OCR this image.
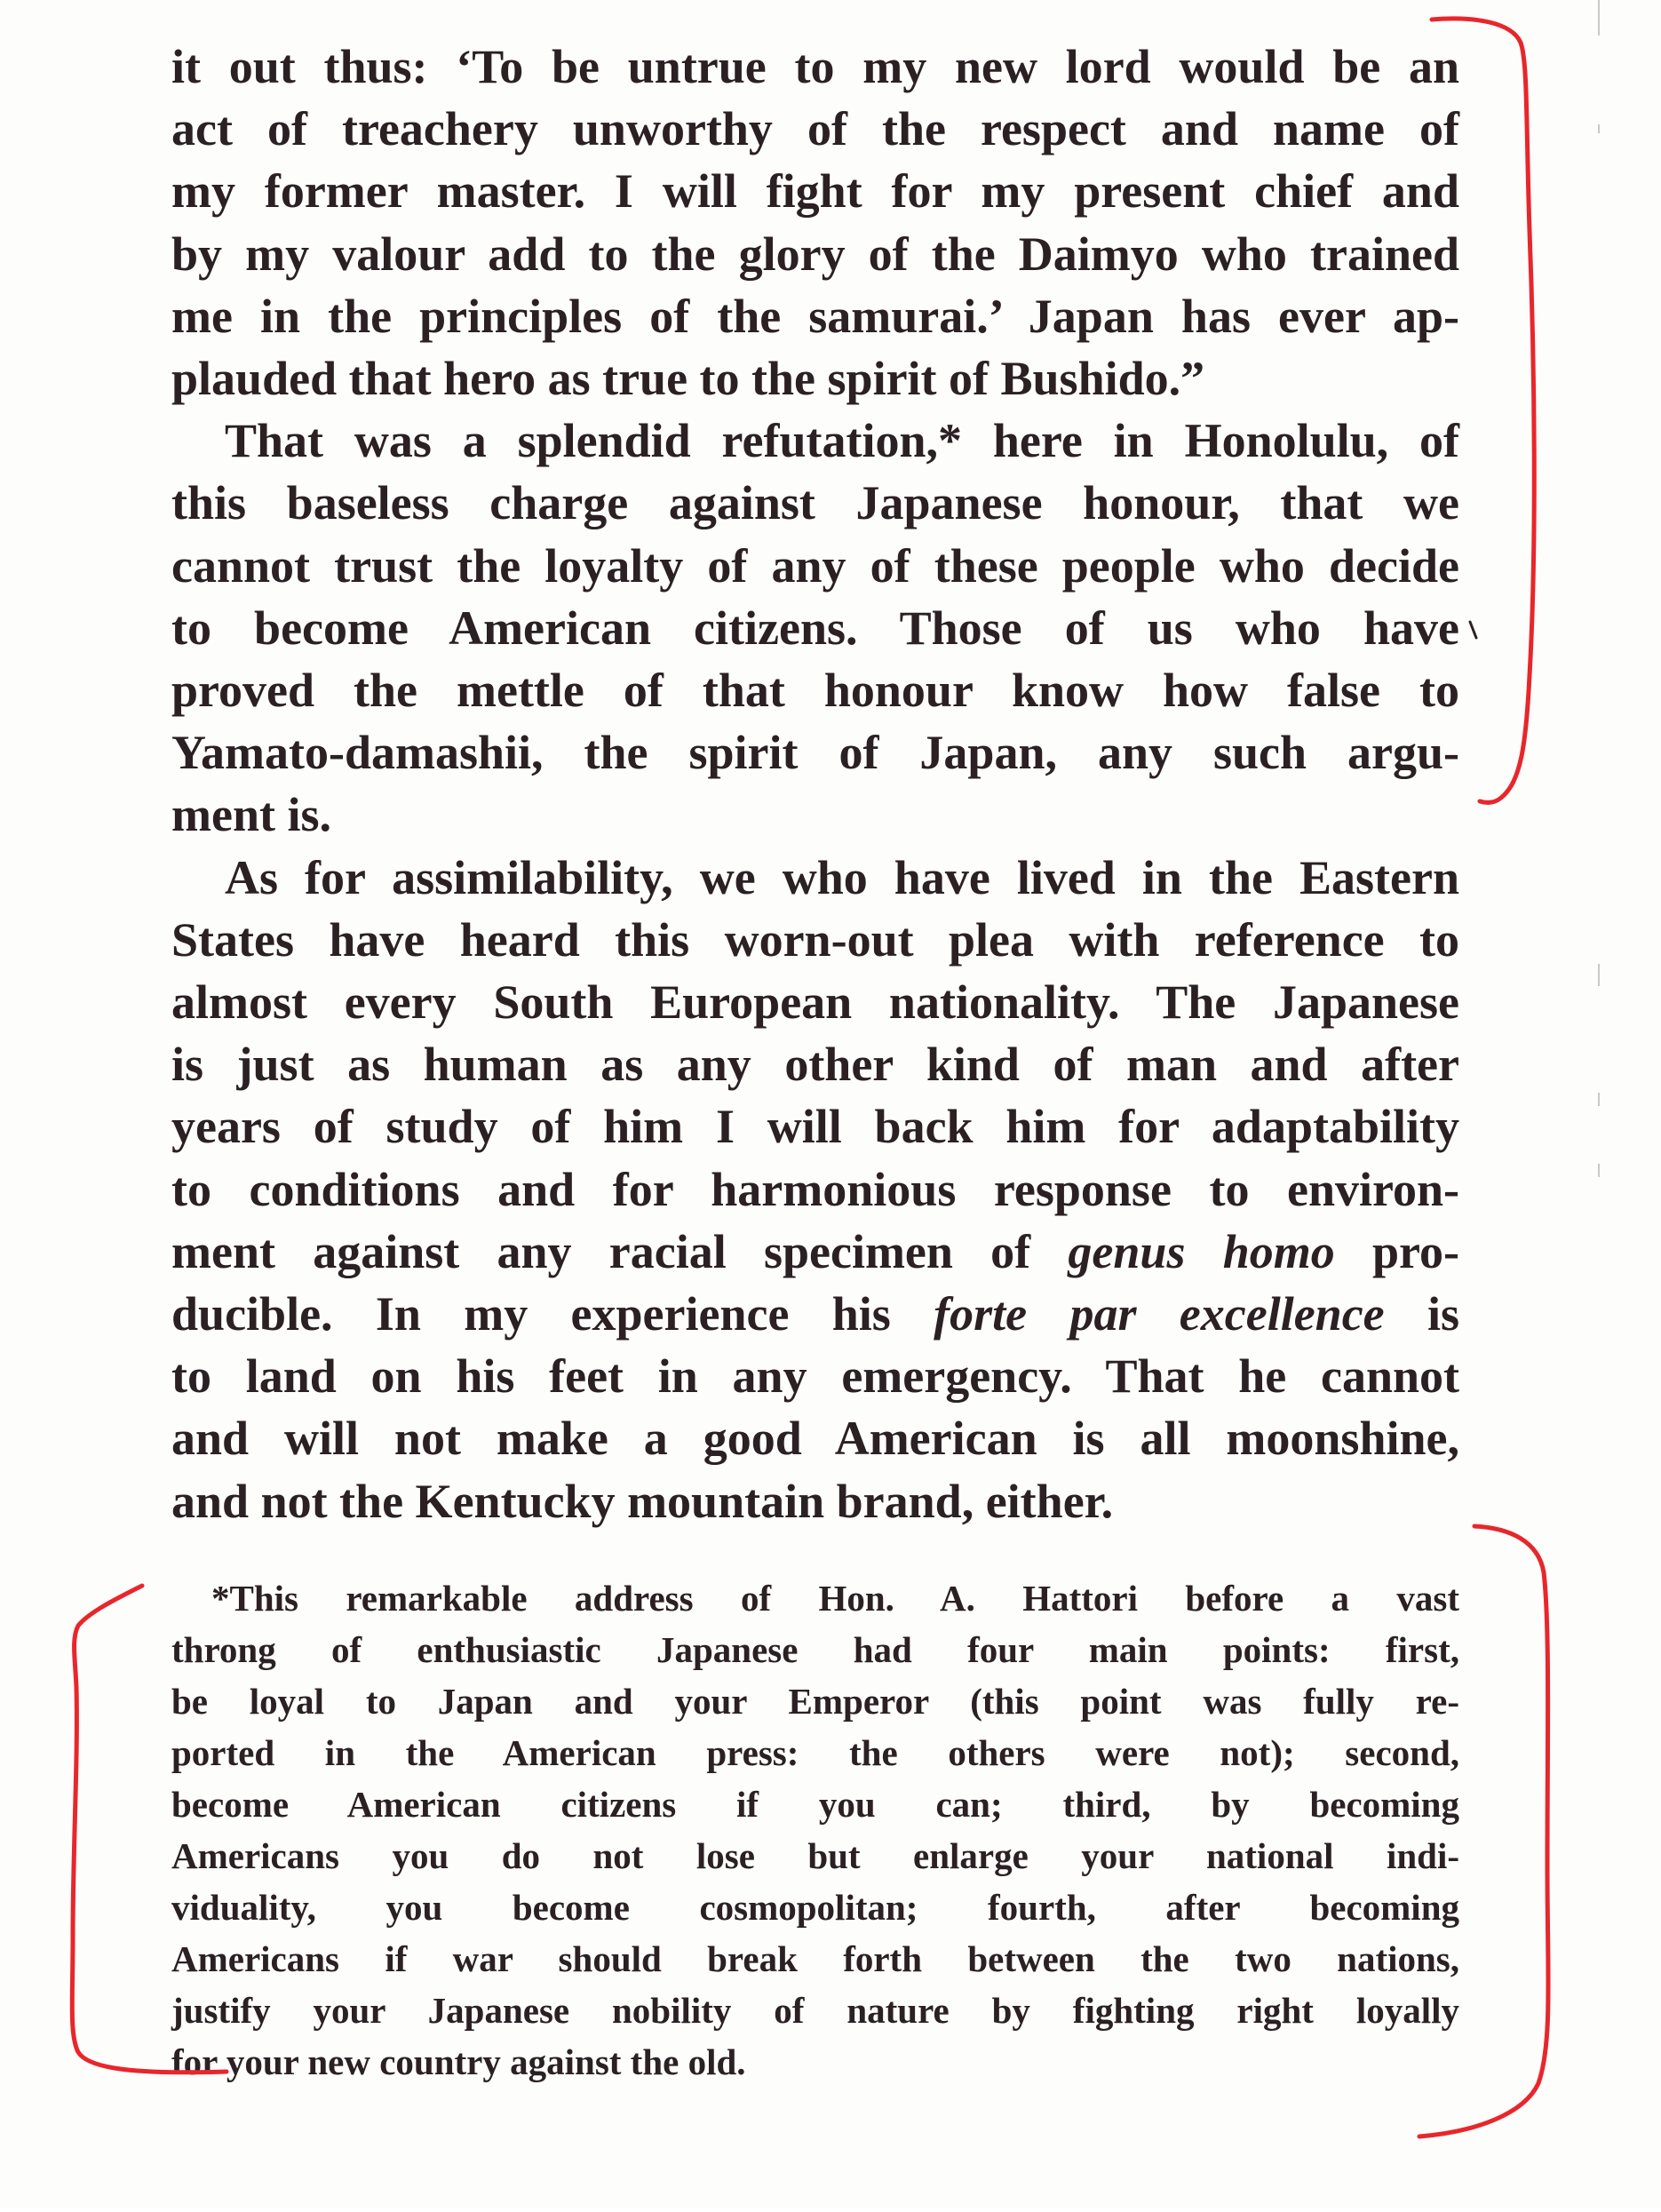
it out thus: ‘To be untrue to my new lord would be an
act of treachery unworthy of the respect and name of
my former master. I will fight for my present chief and
by my valour add to the glory of the Daimyo who trained
me in the principles of the samurai.’ Japan has ever ap-
plauded that hero as true to the spirit of Bushido.”
That was a splendid refutation,* here in Honolulu, of
this baseless charge against Japanese honour, that we
cannot trust the loyalty of any of these people who decide
to become American citizens. Those of us who have
proved the mettle of that honour know how false to
Yamato-damashii, the spirit of Japan, any such argu-
ment is.
As for assimilability, we who have lived in the Eastern
States have heard this worn-out plea with reference to
almost every South European nationality. The Japanese
is just as human as any other kind of man and after
years of study of him I will back him for adaptability
to conditions and for harmonious response to environ-
ment against any racial specimen of genus homo pro-
ducible. In my experience his forte par excellence is
to land on his feet in any emergency. That he cannot
and will not make a good American is all moonshine,
and not the Kentucky mountain brand, either.
*This remarkable address of Hon. A. Hattori before a vast
throng of enthusiastic Japanese had four main points: first,
be loyal to Japan and your Emperor (this point was fully re-
ported in the American press: the others were not); second,
become American citizens if you can; third, by becoming
Americans you do not lose but enlarge your national indi-
viduality, you become cosmopolitan; fourth, after becoming
Americans if war should break forth between the two nations,
justify your Japanese nobility of nature by fighting right loyally
for your new country against the old.
